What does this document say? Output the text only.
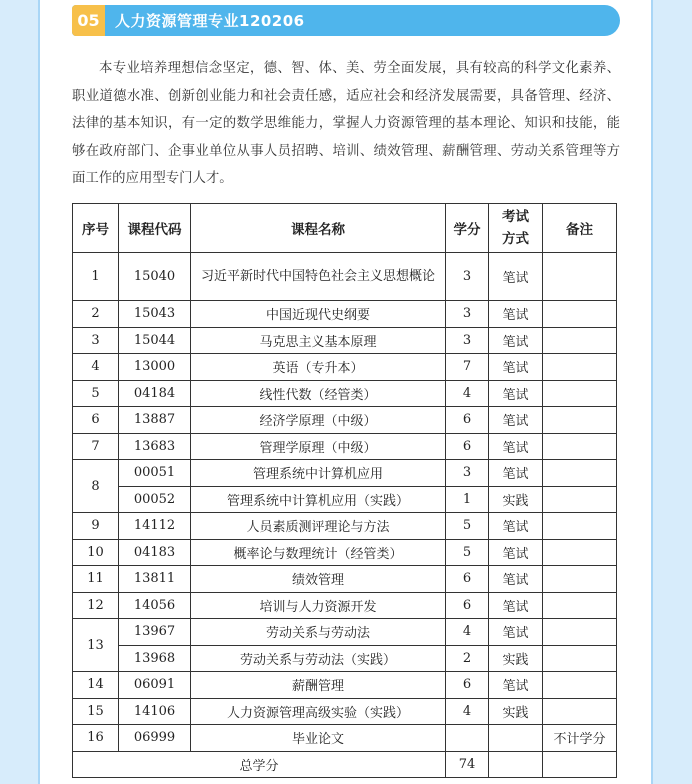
05	人力资源管理专业120206

本专业培养理想信念坚定，德、智、体、美、劳全面发展，具有较高的科学文化素养、职业道德水准、创新创业能力和社会责任感，适应社会和经济发展需要，具备管理、经济、法律的基本知识，有一定的数学思维能力，掌握人力资源管理的基本理论、知识和技能，能够在政府部门、企事业单位从事人员招聘、培训、绩效管理、薪酬管理、劳动关系管理等方面工作的应用型专门人才。

序号	课程代码	课程名称	学分	考试方式	备注
1	15040	习近平新时代中国特色社会主义思想概论	3	笔试	
2	15043	中国近现代史纲要	3	笔试	
3	15044	马克思主义基本原理	3	笔试	
4	13000	英语（专升本）	7	笔试	
5	04184	线性代数（经管类）	4	笔试	
6	13887	经济学原理（中级）	6	笔试	
7	13683	管理学原理（中级）	6	笔试	
8	00051	管理系统中计算机应用	3	笔试	
	00052	管理系统中计算机应用（实践）	1	实践	
9	14112	人员素质测评理论与方法	5	笔试	
10	04183	概率论与数理统计（经管类）	5	笔试	
11	13811	绩效管理	6	笔试	
12	14056	培训与人力资源开发	6	笔试	
13	13967	劳动关系与劳动法	4	笔试	
	13968	劳动关系与劳动法（实践）	2	实践	
14	06091	薪酬管理	6	笔试	
15	14106	人力资源管理高级实验（实践）	4	实践	
16	06999	毕业论文			不计学分
总学分			74		
